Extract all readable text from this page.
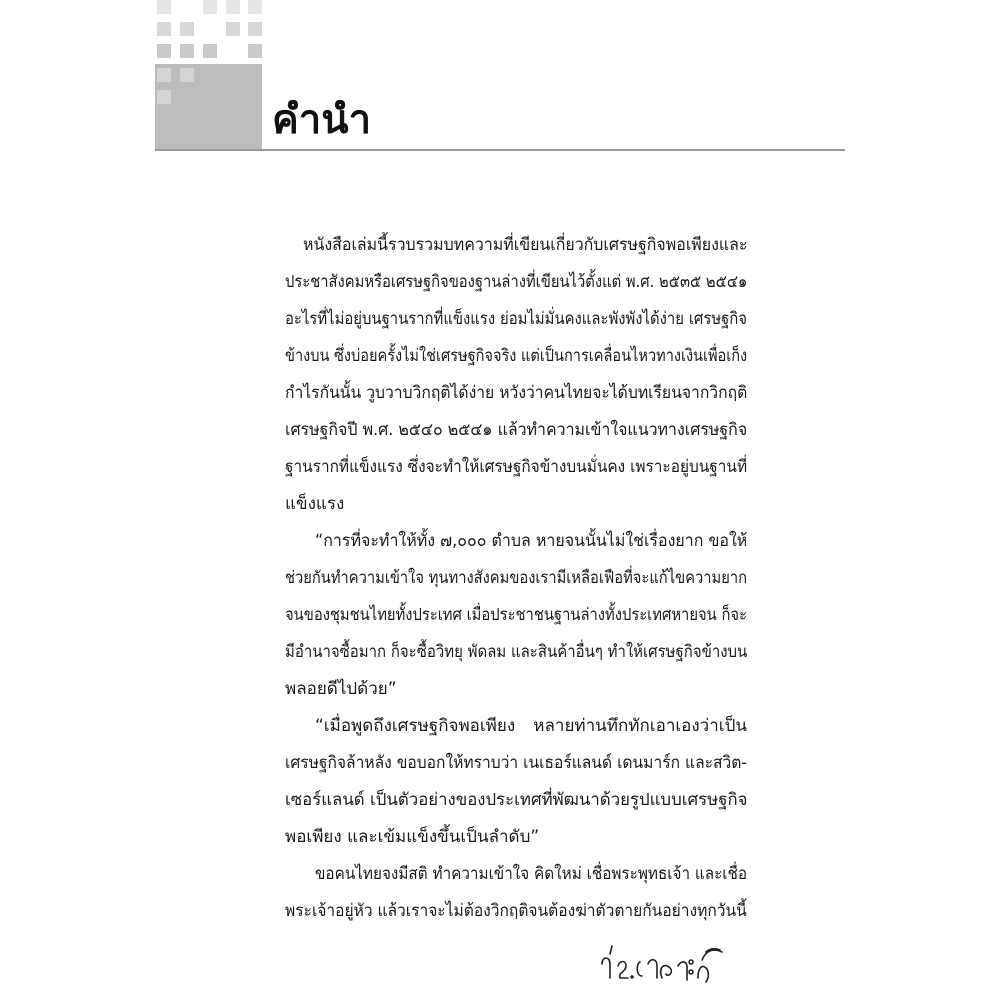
คำนำ
หนังสือเล่มนี้รวบรวมบทความที่เขียนเกี่ยวกับเศรษฐกิจพอเพียงและ
ประชาสังคมหรือเศรษฐกิจของฐานล่างที่เขียนไว้ตั้งแต่ พ.ศ. ๒๕๓๕ ๒๕๔๑
อะไรที่ไม่อยู่บนฐานรากที่แข็งแรง ย่อมไม่มั่นคงและพังพังได้ง่าย เศรษฐกิจ
ข้างบน ซึ่งบ่อยครั้งไม่ใช่เศรษฐกิจจริง แต่เป็นการเคลื่อนไหวทางเงินเพื่อเก็ง
กำไรกันนั้น วูบวาบวิกฤติได้ง่าย หวังว่าคนไทยจะได้บทเรียนจากวิกฤติ
เศรษฐกิจปี พ.ศ. ๒๕๔๐ ๒๕๔๑ แล้วทำความเข้าใจแนวทางเศรษฐกิจ
ฐานรากที่แข็งแรง ซึ่งจะทำให้เศรษฐกิจข้างบนมั่นคง เพราะอยู่บนฐานที่
แข็งแรง
“การที่จะทำให้ทั้ง ๗,๐๐๐ ตำบล หายจนนั้นไม่ใช่เรื่องยาก ขอให้
ช่วยกันทำความเข้าใจ ทุนทางสังคมของเรามีเหลือเฟือที่จะแก้ไขความยาก
จนของชุมชนไทยทั้งประเทศ เมื่อประชาชนฐานล่างทั้งประเทศหายจน ก็จะ
มีอำนาจซื้อมาก ก็จะซื้อวิทยุ พัดลม และสินค้าอื่นๆ ทำให้เศรษฐกิจข้างบน
พลอยดีไปด้วย”
“เมื่อพูดถึงเศรษฐกิจพอเพียง หลายท่านทึกทักเอาเองว่าเป็น
เศรษฐกิจล้าหลัง ขอบอกให้ทราบว่า เนเธอร์แลนด์ เดนมาร์ก และสวิต-
เซอร์แลนด์ เป็นตัวอย่างของประเทศที่พัฒนาด้วยรูปแบบเศรษฐกิจ
พอเพียง และเข้มแข็งขึ้นเป็นลำดับ”
ขอคนไทยจงมีสติ ทำความเข้าใจ คิดใหม่ เชื่อพระพุทธเจ้า และเชื่อ
พระเจ้าอยู่หัว แล้วเราจะไม่ต้องวิกฤติจนต้องฆ่าตัวตายกันอย่างทุกวันนี้
